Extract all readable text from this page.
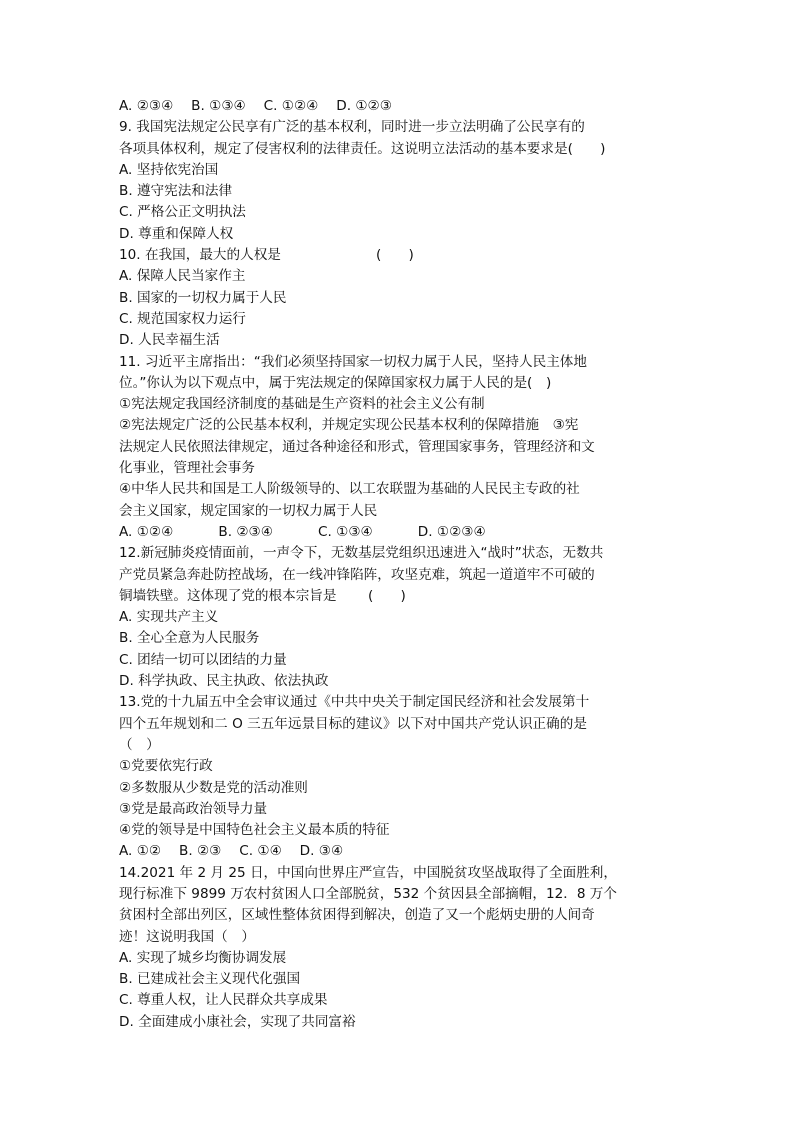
A. ②③④　 B. ①③④　 C. ①②④　 D. ①②③

9. 我国宪法规定公民享有广泛的基本权利，同时进一步立法明确了公民享有的

各项具体权利，规定了侵害权利的法律责任。这说明立法活动的基本要求是(　　)

A. 坚持依宪治国

B. 遵守宪法和法律

C. 严格公正文明执法

D. 尊重和保障人权

10. 在我国，最大的人权是　　　　　　　(　　)

A. 保障人民当家作主

B. 国家的一切权力属于人民

C. 规范国家权力运行

D. 人民幸福生活

11. 习近平主席指出：“我们必须坚持国家一切权力属于人民，坚持人民主体地

位。”你认为以下观点中，属于宪法规定的保障国家权力属于人民的是(　)

①宪法规定我国经济制度的基础是生产资料的社会主义公有制

②宪法规定广泛的公民基本权利，并规定实现公民基本权利的保障措施　③宪

法规定人民依照法律规定，通过各种途径和形式，管理国家事务，管理经济和文

化事业，管理社会事务

④中华人民共和国是工人阶级领导的、以工农联盟为基础的人民民主专政的社

会主义国家，规定国家的一切权力属于人民

A. ①②④　　　 B. ②③④　　　 C. ①③④　　　 D. ①②③④

12.新冠肺炎疫情面前，一声令下，无数基层党组织迅速进入“战时”状态，无数共

产党员紧急奔赴防控战场，在一线冲锋陷阵，攻坚克难，筑起一道道牢不可破的

铜墙铁壁。这体现了党的根本宗旨是　　 (　　)

A. 实现共产主义

B. 全心全意为人民服务

C. 团结一切可以团结的力量

D. 科学执政、民主执政、依法执政

13.党的十九届五中全会审议通过《中共中央关于制定国民经济和社会发展第十

四个五年规划和二 O 三五年远景目标的建议》以下对中国共产党认识正确的是

（　）

①党要依宪行政

②多数服从少数是党的活动准则

③党是最高政治领导力量

④党的领导是中国特色社会主义最本质的特征

A. ①②　 B. ②③　 C. ①④　 D. ③④

14.2021 年 2 月 25 日，中国向世界庄严宣告，中国脱贫攻坚战取得了全面胜利，

现行标准下 9899 万农村贫困人口全部脱贫，532 个贫因县全部摘帽，12．8 万个

贫困村全部出列区，区域性整体贫困得到解决，创造了又一个彪炳史册的人间奇

迹！这说明我国（　）

A. 实现了城乡均衡协调发展

B. 已建成社会主义现代化强国

C. 尊重人权，让人民群众共享成果

D. 全面建成小康社会，实现了共同富裕
